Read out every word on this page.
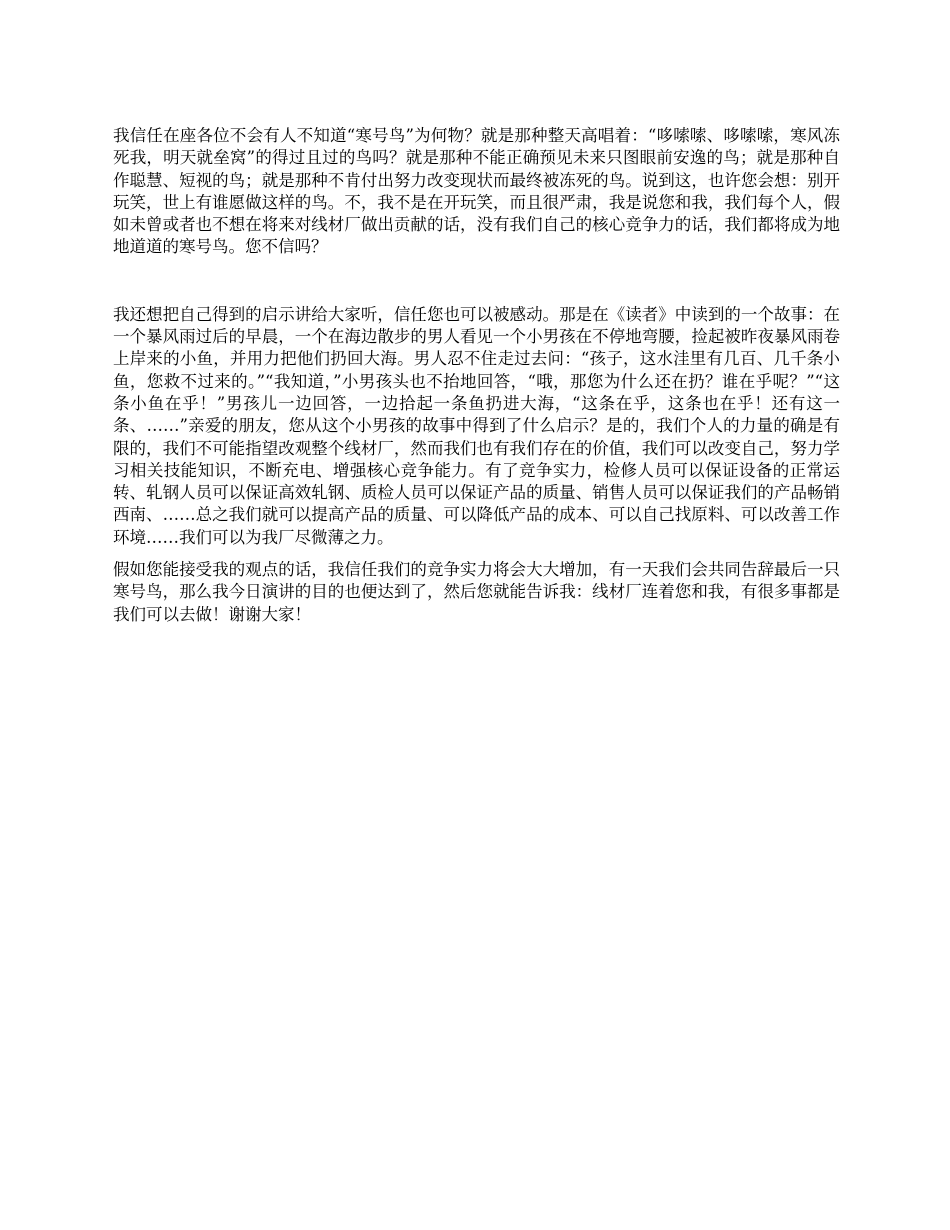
我信任在座各位不会有人不知道“寒号鸟”为何物？就是那种整天高唱着：“哆嗦嗦、哆嗦嗦，寒风冻死我，明天就垒窝”的得过且过的鸟吗？就是那种不能正确预见未来只图眼前安逸的鸟；就是那种自作聪慧、短视的鸟；就是那种不肯付出努力改变现状而最终被冻死的鸟。说到这，也许您会想：别开玩笑，世上有谁愿做这样的鸟。不，我不是在开玩笑，而且很严肃，我是说您和我，我们每个人，假如未曾或者也不想在将来对线材厂做出贡献的话，没有我们自己的核心竞争力的话，我们都将成为地地道道的寒号鸟。您不信吗？

我还想把自己得到的启示讲给大家听，信任您也可以被感动。那是在《读者》中读到的一个故事：在一个暴风雨过后的早晨，一个在海边散步的男人看见一个小男孩在不停地弯腰，捡起被昨夜暴风雨卷上岸来的小鱼，并用力把他们扔回大海。男人忍不住走过去问：“孩子，这水洼里有几百、几千条小鱼，您救不过来的。”“我知道，”小男孩头也不抬地回答，“哦，那您为什么还在扔？谁在乎呢？”“这条小鱼在乎！”男孩儿一边回答，一边拾起一条鱼扔进大海，“这条在乎，这条也在乎！还有这一条、……”亲爱的朋友，您从这个小男孩的故事中得到了什么启示？是的，我们个人的力量的确是有限的，我们不可能指望改观整个线材厂，然而我们也有我们存在的价值，我们可以改变自己，努力学习相关技能知识，不断充电、增强核心竞争能力。有了竞争实力，检修人员可以保证设备的正常运转、轧钢人员可以保证高效轧钢、质检人员可以保证产品的质量、销售人员可以保证我们的产品畅销西南、……总之我们就可以提高产品的质量、可以降低产品的成本、可以自己找原料、可以改善工作环境……我们可以为我厂尽微薄之力。

假如您能接受我的观点的话，我信任我们的竞争实力将会大大增加，有一天我们会共同告辞最后一只寒号鸟，那么我今日演讲的目的也便达到了，然后您就能告诉我：线材厂连着您和我，有很多事都是我们可以去做！谢谢大家！
